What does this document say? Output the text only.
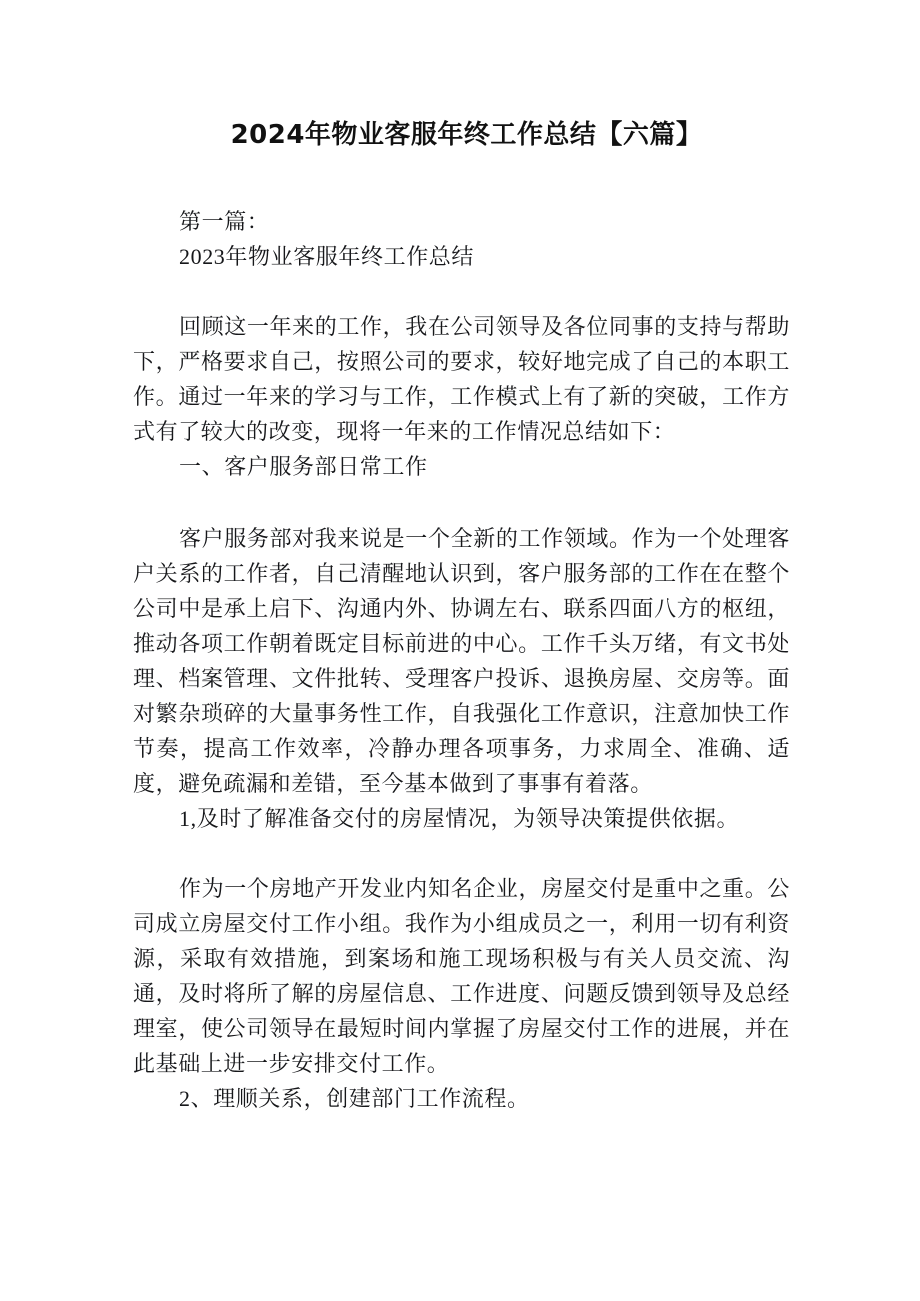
2024年物业客服年终工作总结【六篇】

第一篇：

2023年物业客服年终工作总结

回顾这一年来的工作，我在公司领导及各位同事的支持与帮助下，严格要求自己，按照公司的要求，较好地完成了自己的本职工作。通过一年来的学习与工作，工作模式上有了新的突破，工作方式有了较大的改变，现将一年来的工作情况总结如下：

一、客户服务部日常工作

客户服务部对我来说是一个全新的工作领域。作为一个处理客户关系的工作者，自己清醒地认识到，客户服务部的工作在在整个公司中是承上启下、沟通内外、协调左右、联系四面八方的枢纽，推动各项工作朝着既定目标前进的中心。工作千头万绪，有文书处理、档案管理、文件批转、受理客户投诉、退换房屋、交房等。面对繁杂琐碎的大量事务性工作，自我强化工作意识，注意加快工作节奏，提高工作效率，冷静办理各项事务，力求周全、准确、适度，避免疏漏和差错，至今基本做到了事事有着落。

1,及时了解准备交付的房屋情况，为领导决策提供依据。

作为一个房地产开发业内知名企业，房屋交付是重中之重。公司成立房屋交付工作小组。我作为小组成员之一，利用一切有利资源，采取有效措施，到案场和施工现场积极与有关人员交流、沟通，及时将所了解的房屋信息、工作进度、问题反馈到领导及总经理室，使公司领导在最短时间内掌握了房屋交付工作的进展，并在此基础上进一步安排交付工作。

2、理顺关系，创建部门工作流程。
